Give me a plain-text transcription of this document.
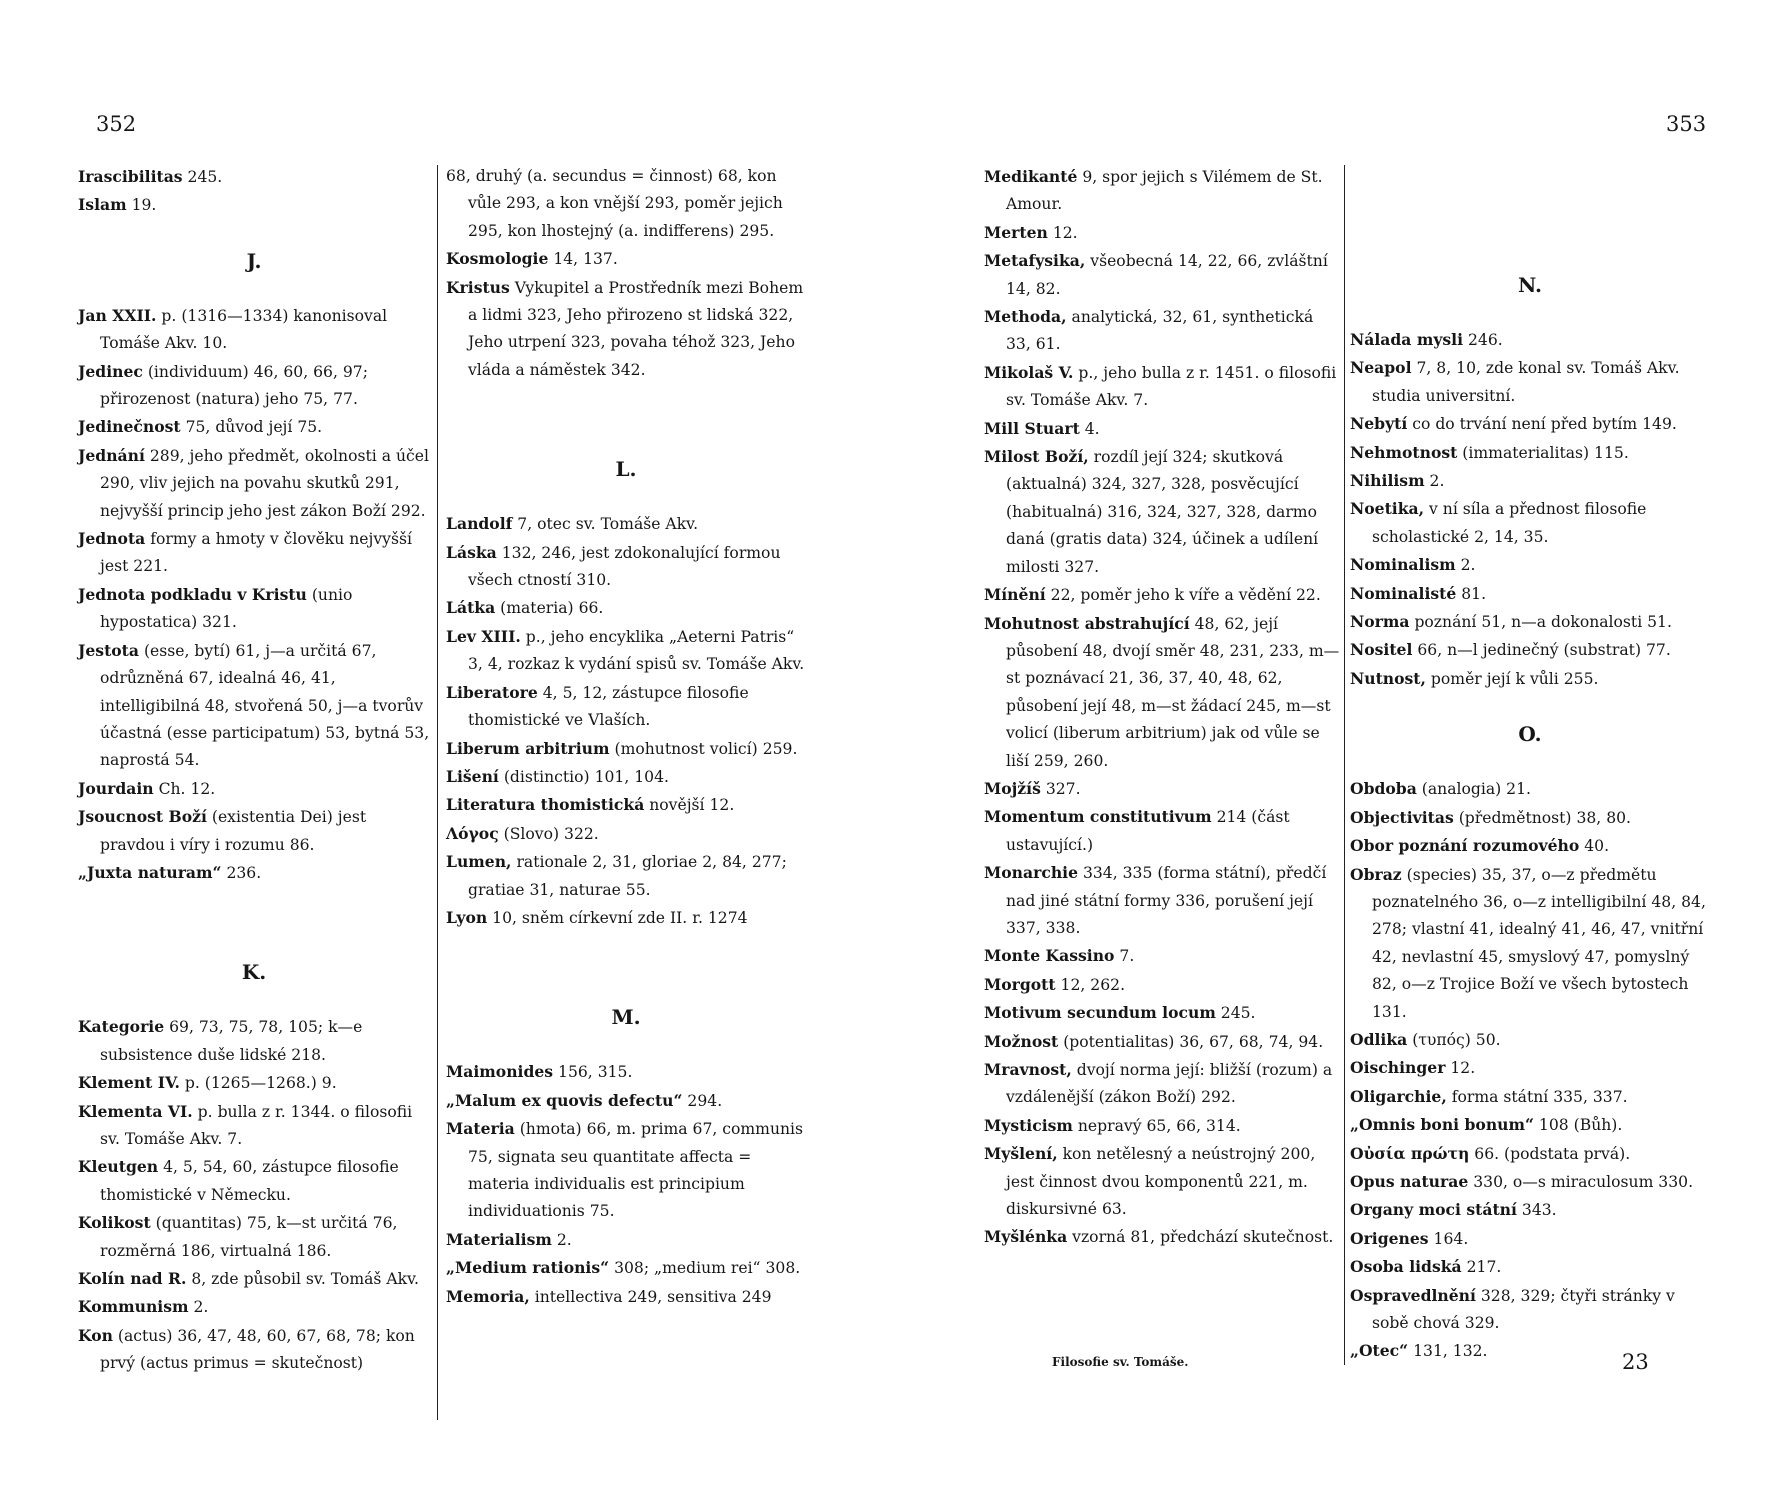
352	353
Irascibilitas 245.
Islam 19.
J.
Jan XXII. p. (1316—1334) kanonisoval Tomáše Akv. 10.
Jedinec (individuum) 46, 60, 66, 97; přirozenost (natura) jeho 75, 77.
Jedinečnost 75, důvod její 75.
Jednání 289, jeho předmět, okolnosti a účel 290, vliv jejich na povahu skutků 291, nejvyšší princip jeho jest zákon Boží 292.
Jednota formy a hmoty v člověku nejvyšší jest 221.
Jednota podkladu v Kristu (unio hypostatica) 321.
Jestota (esse, bytí) 61, j—a určitá 67, odrůzněná 67, idealná 46, 41, intelligibilná 48, stvořená 50, j—a tvorův účastná (esse participatum) 53, bytná 53, naprostá 54.
Jourdain Ch. 12.
Jsoucnost Boží (existentia Dei) jest pravdou i víry i rozumu 86.
„Juxta naturam“ 236.
K.
Kategorie 69, 73, 75, 78, 105; k—e subsistence duše lidské 218.
Klement IV. p. (1265—1268.) 9.
Klementa VI. p. bulla z r. 1344. o filosofii sv. Tomáše Akv. 7.
Kleutgen 4, 5, 54, 60, zástupce filosofie thomistické v Německu.
Kolikost (quantitas) 75, k—st určitá 76, rozměrná 186, virtualná 186.
Kolín nad R. 8, zde působil sv. Tomáš Akv.
Kommunism 2.
Kon (actus) 36, 47, 48, 60, 67, 68, 78; kon prvý (actus primus = skutečnost)
68, druhý (a. secundus = činnost) 68, kon vůle 293, a kon vnější 293, poměr jejich 295, kon lhostejný (a. indifferens) 295.
Kosmologie 14, 137.
Kristus Vykupitel a Prostředník mezi Bohem a lidmi 323, Jeho přirozeno st lidská 322, Jeho utrpení 323, povaha téhož 323, Jeho vláda a náměstek 342.
L.
Landolf 7, otec sv. Tomáše Akv.
Láska 132, 246, jest zdokonalující formou všech ctností 310.
Látka (materia) 66.
Lev XIII. p., jeho encyklika „Aeterni Patris“ 3, 4, rozkaz k vydání spisů sv. Tomáše Akv.
Liberatore 4, 5, 12, zástupce filosofie thomistické ve Vlaších.
Liberum arbitrium (mohutnost volicí) 259.
Lišení (distinctio) 101, 104.
Literatura thomistická novější 12.
Λόγος (Slovo) 322.
Lumen, rationale 2, 31, gloriae 2, 84, 277; gratiae 31, naturae 55.
Lyon 10, sněm církevní zde II. r. 1274
M.
Maimonides 156, 315.
„Malum ex quovis defectu“ 294.
Materia (hmota) 66, m. prima 67, communis 75, signata seu quantitate affecta = materia individualis est principium individuationis 75.
Materialism 2.
„Medium rationis“ 308; „medium rei“ 308.
Memoria, intellectiva 249, sensitiva 249
Medikanté 9, spor jejich s Vilémem de St. Amour.
Merten 12.
Metafysika, všeobecná 14, 22, 66, zvláštní 14, 82.
Methoda, analytická, 32, 61, synthetická 33, 61.
Mikolaš V. p., jeho bulla z r. 1451. o filosofii sv. Tomáše Akv. 7.
Mill Stuart 4.
Milost Boží, rozdíl její 324; skutková (aktualná) 324, 327, 328, posvěcující (habitualná) 316, 324, 327, 328, darmo daná (gratis data) 324, účinek a udílení milosti 327.
Mínění 22, poměr jeho k víře a vědění 22.
Mohutnost abstrahující 48, 62, její působení 48, dvojí směr 48, 231, 233, m—st poznávací 21, 36, 37, 40, 48, 62, působení její 48, m—st žádací 245, m—st volicí (liberum arbitrium) jak od vůle se liší 259, 260.
Mojžíš 327.
Momentum constitutivum 214 (část ustavující.)
Monarchie 334, 335 (forma státní), předčí nad jiné státní formy 336, porušení její 337, 338.
Monte Kassino 7.
Morgott 12, 262.
Motivum secundum locum 245.
Možnost (potentialitas) 36, 67, 68, 74, 94.
Mravnost, dvojí norma její: bližší (rozum) a vzdálenější (zákon Boží) 292.
Mysticism nepravý 65, 66, 314.
Myšlení, kon netělesný a neústrojný 200, jest činnost dvou komponentů 221, m. diskursivné 63.
Myšlénka vzorná 81, předchází skutečnost.
N.
Nálada mysli 246.
Neapol 7, 8, 10, zde konal sv. Tomáš Akv. studia universitní.
Nebytí co do trvání není před bytím 149.
Nehmotnost (immaterialitas) 115.
Nihilism 2.
Noetika, v ní síla a přednost filosofie scholastické 2, 14, 35.
Nominalism 2.
Nominalisté 81.
Norma poznání 51, n—a dokonalosti 51.
Nositel 66, n—l jedinečný (substrat) 77.
Nutnost, poměr její k vůli 255.
O.
Obdoba (analogia) 21.
Objectivitas (předmětnost) 38, 80.
Obor poznání rozumového 40.
Obraz (species) 35, 37, o—z předmětu poznatelného 36, o—z intelligibilní 48, 84, 278; vlastní 41, idealný 41, 46, 47, vnitřní 42, nevlastní 45, smyslový 47, pomyslný 82, o—z Trojice Boží ve všech bytostech 131.
Odlika (τυπός) 50.
Oischinger 12.
Oligarchie, forma státní 335, 337.
„Omnis boni bonum“ 108 (Bůh).
Οὐσία πρώτη 66. (podstata prvá).
Opus naturae 330, o—s miraculosum 330.
Organy moci státní 343.
Origenes 164.
Osoba lidská 217.
Ospravedlnění 328, 329; čtyři stránky v sobě chová 329.
„Otec“ 131, 132.
Filosofie sv. Tomáše.	23
